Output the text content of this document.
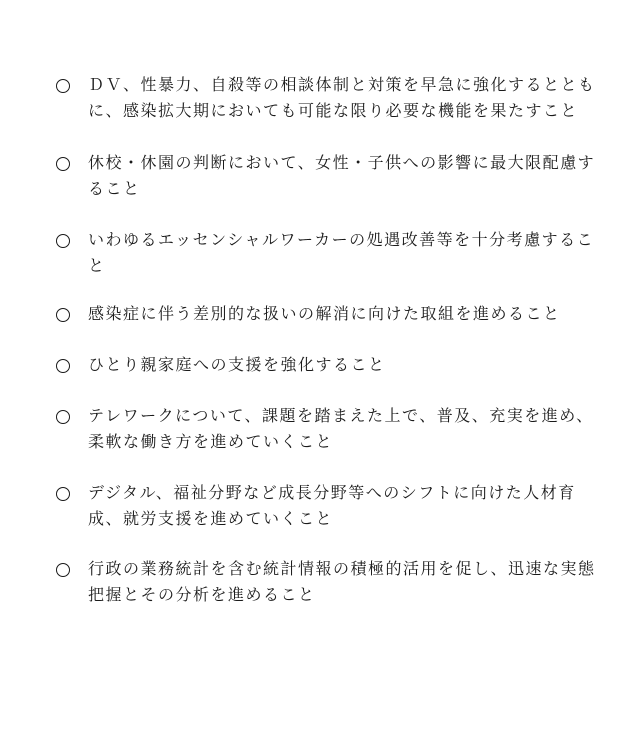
ＤＶ、性暴力、自殺等の相談体制と対策を早急に強化するとともに、感染拡大期においても可能な限り必要な機能を果たすこと
休校・休園の判断において、女性・子供への影響に最大限配慮すること
いわゆるエッセンシャルワーカーの処遇改善等を十分考慮すること
感染症に伴う差別的な扱いの解消に向けた取組を進めること
ひとり親家庭への支援を強化すること
テレワークについて、課題を踏まえた上で、普及、充実を進め、柔軟な働き方を進めていくこと
デジタル、福祉分野など成長分野等へのシフトに向けた人材育成、就労支援を進めていくこと
行政の業務統計を含む統計情報の積極的活用を促し、迅速な実態把握とその分析を進めること
